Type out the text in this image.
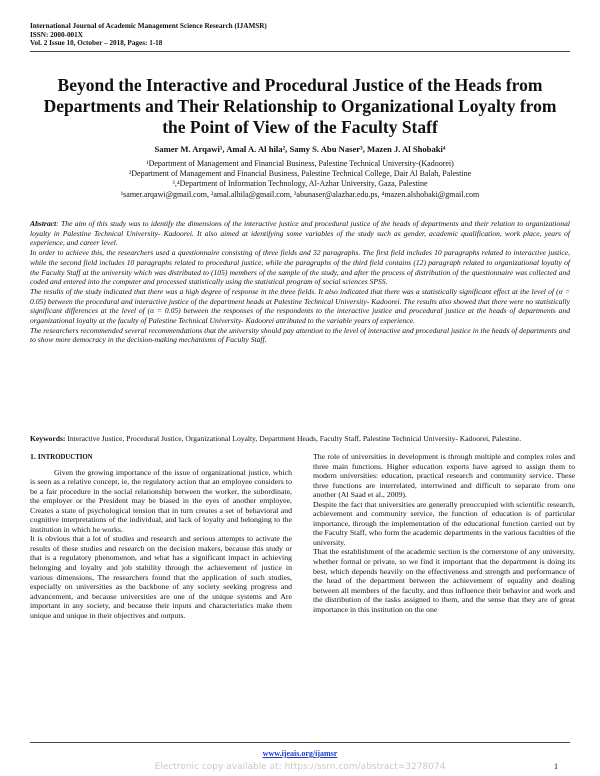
International Journal of Academic Management Science Research (IJAMSR)
ISSN: 2000-001X
Vol. 2 Issue 10, October – 2018, Pages: 1-18
Beyond the Interactive and Procedural Justice of the Heads from Departments and Their Relationship to Organizational Loyalty from the Point of View of the Faculty Staff
Samer M. Arqawi¹, Amal A. Al hila², Samy S. Abu Naser³, Mazen J. Al Shobaki⁴
¹Department of Management and Financial Business, Palestine Technical University-(Kadoorei)
²Department of Management and Financial Business, Palestine Technical College, Dair Al Balah, Palestine
³,⁴Department of Information Technology, Al-Azhar University, Gaza, Palestine
¹samer.arqawi@gmail.com, ²amal.alhila@gmail.com, ³abunaser@alazhar.edu.ps, ⁴mazen.alshobaki@gmail.com

Abstract: The aim of this study was to identify the dimensions of the interactive justice and procedural justice of the heads of departments and their relation to organizational loyalty in Palestine Technical University- Kadoorei. It also aimed at identifying some variables of the study such as gender, academic qualification, work place, years of experience, and career level.

In order to achieve this, the researchers used a questionnaire consisting of three fields and 32 paragraphs. The first field includes 10 paragraphs related to interactive justice, while the second field includes 10 paragraphs related to procedural justice, while the paragraphs of the third field contains (12) paragraph related to organizational loyalty of the Faculty Staff at the university which was distributed to (105) members of the sample of the study, and after the process of distribution of the questionnaire was collected and coded and entered into the computer and processed statistically using the statistical program of social sciences SPSS.

The results of the study indicated that there was a high degree of response in the three fields. It also indicated that there was a statistically significant effect at the level of (α = 0.05) between the procedural and interactive justice of the department heads at Palestine Technical University- Kadoorei. The results also showed that there were no statistically significant differences at the level of (α = 0.05) between the responses of the respondents to the interactive justice and procedural justice at the heads of departments and organizational loyalty at the faculty of Palestine Technical University- Kadoorei attributed to the variable years of experience.

The researchers recommended several recommendations that the university should pay attention to the level of interactive and procedural justice in the heads of departments and to show more democracy in the decision-making mechanisms of Faculty Staff.

Keywords: Interactive Justice, Procedural Justice, Organizational Loyalty, Department Heads, Faculty Staff, Palestine Technical University- Kadoorei, Palestine.

1. INTRODUCTION

Given the growing importance of the issue of organizational justice, which is seen as a relative concept, ie, the regulatory action that an employee considers to be a fair procedure in the social relationship between the worker, the subordinate, the employer or the President may be biased in the eyes of another employee, Creates a state of psychological tension that in turn creates a set of behavioral and cognitive interpretations of the individual, and lack of loyalty and belonging to the institution in which he works.

It is obvious that a lot of studies and research and serious attempts to activate the results of these studies and research on the decision makers, because this study or that is a regulatory phenomenon, and what has a significant impact in achieving belonging and loyalty and job stability through the achievement of justice in various dimensions, The researchers found that the application of such studies, especially on universities as the backbone of any society seeking progress and advancement, and because universities are one of the unique systems and Are important in any society, and because their inputs and characteristics make them unique and unique in their objectives and outputs.

The role of universities in development is through multiple and complex roles and three main functions. Higher education experts have agreed to assign them to modern universities: education, practical research and community service. These three functions are interrelated, intertwined and difficult to separate from one another (Al Saad et al., 2009).

Despite the fact that universities are generally preoccupied with scientific research, achievement and community service, the function of education is of particular importance, through the implementation of the educational function carried out by the Faculty Staff, who form the academic departments in the various faculties of the university.

That the establishment of the academic section is the cornerstone of any university, whether formal or private, so we find it important that the department is doing its best, which depends heavily on the effectiveness and strength and performance of the head of the department between the achievement of equality and dealing between all members of the faculty, and thus influence their behavior and work and the distribution of the tasks assigned to them, and the sense that they are of great importance in this institution on the one

www.ijeais.org/ijamsr
1
Electronic copy available at: https://ssrn.com/abstract=3278074
